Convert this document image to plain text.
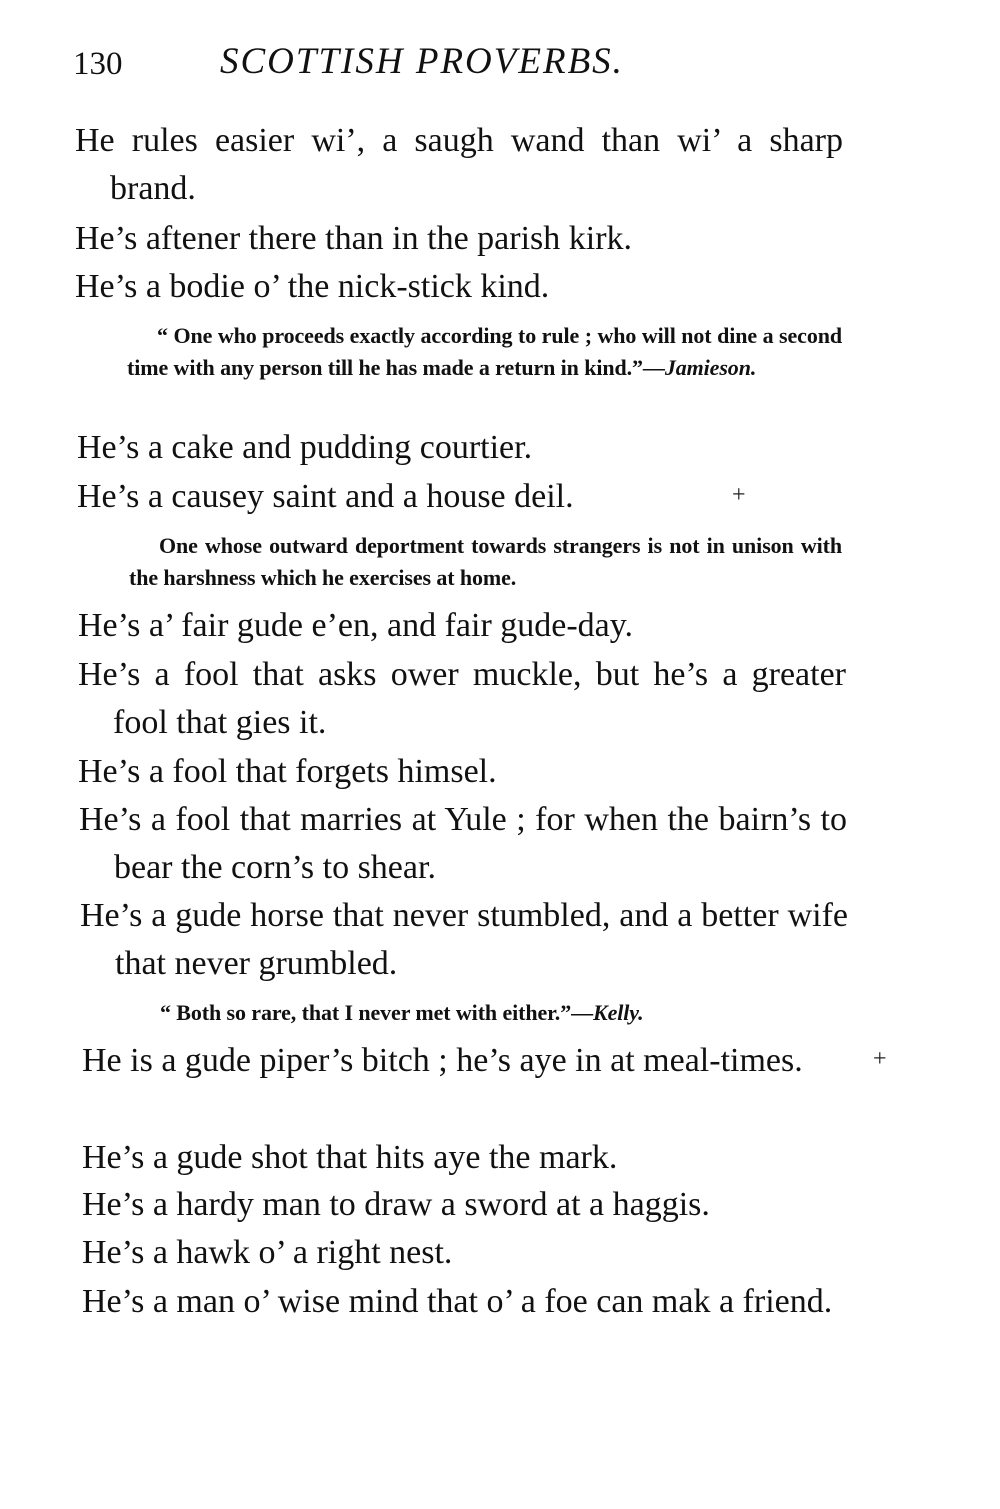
130	SCOTTISH PROVERBS.

He rules easier wi’, a saugh wand than wi’ a sharp brand.

He’s aftener there than in the parish kirk.

He’s a bodie o’ the nick-stick kind.

“ One who proceeds exactly according to rule ; who will not dine a second time with any person till he has made a return in kind.”—Jamieson.

He’s a cake and pudding courtier.

He’s a causey saint and a house deil.	+

One whose outward deportment towards strangers is not in unison with the harshness which he exercises at home.

He’s a’ fair gude e’en, and fair gude-day.

He’s a fool that asks ower muckle, but he’s a greater fool that gies it.

He’s a fool that forgets himsel.

He’s a fool that marries at Yule ; for when the bairn’s to bear the corn’s to shear.

He’s a gude horse that never stumbled, and a better wife that never grumbled.

“ Both so rare, that I never met with either.”—Kelly.

He is a gude piper’s bitch ; he’s aye in at meal-times.	+

He’s a gude shot that hits aye the mark.

He’s a hardy man to draw a sword at a haggis.

He’s a hawk o’ a right nest.

He’s a man o’ wise mind that o’ a foe can mak a friend.
